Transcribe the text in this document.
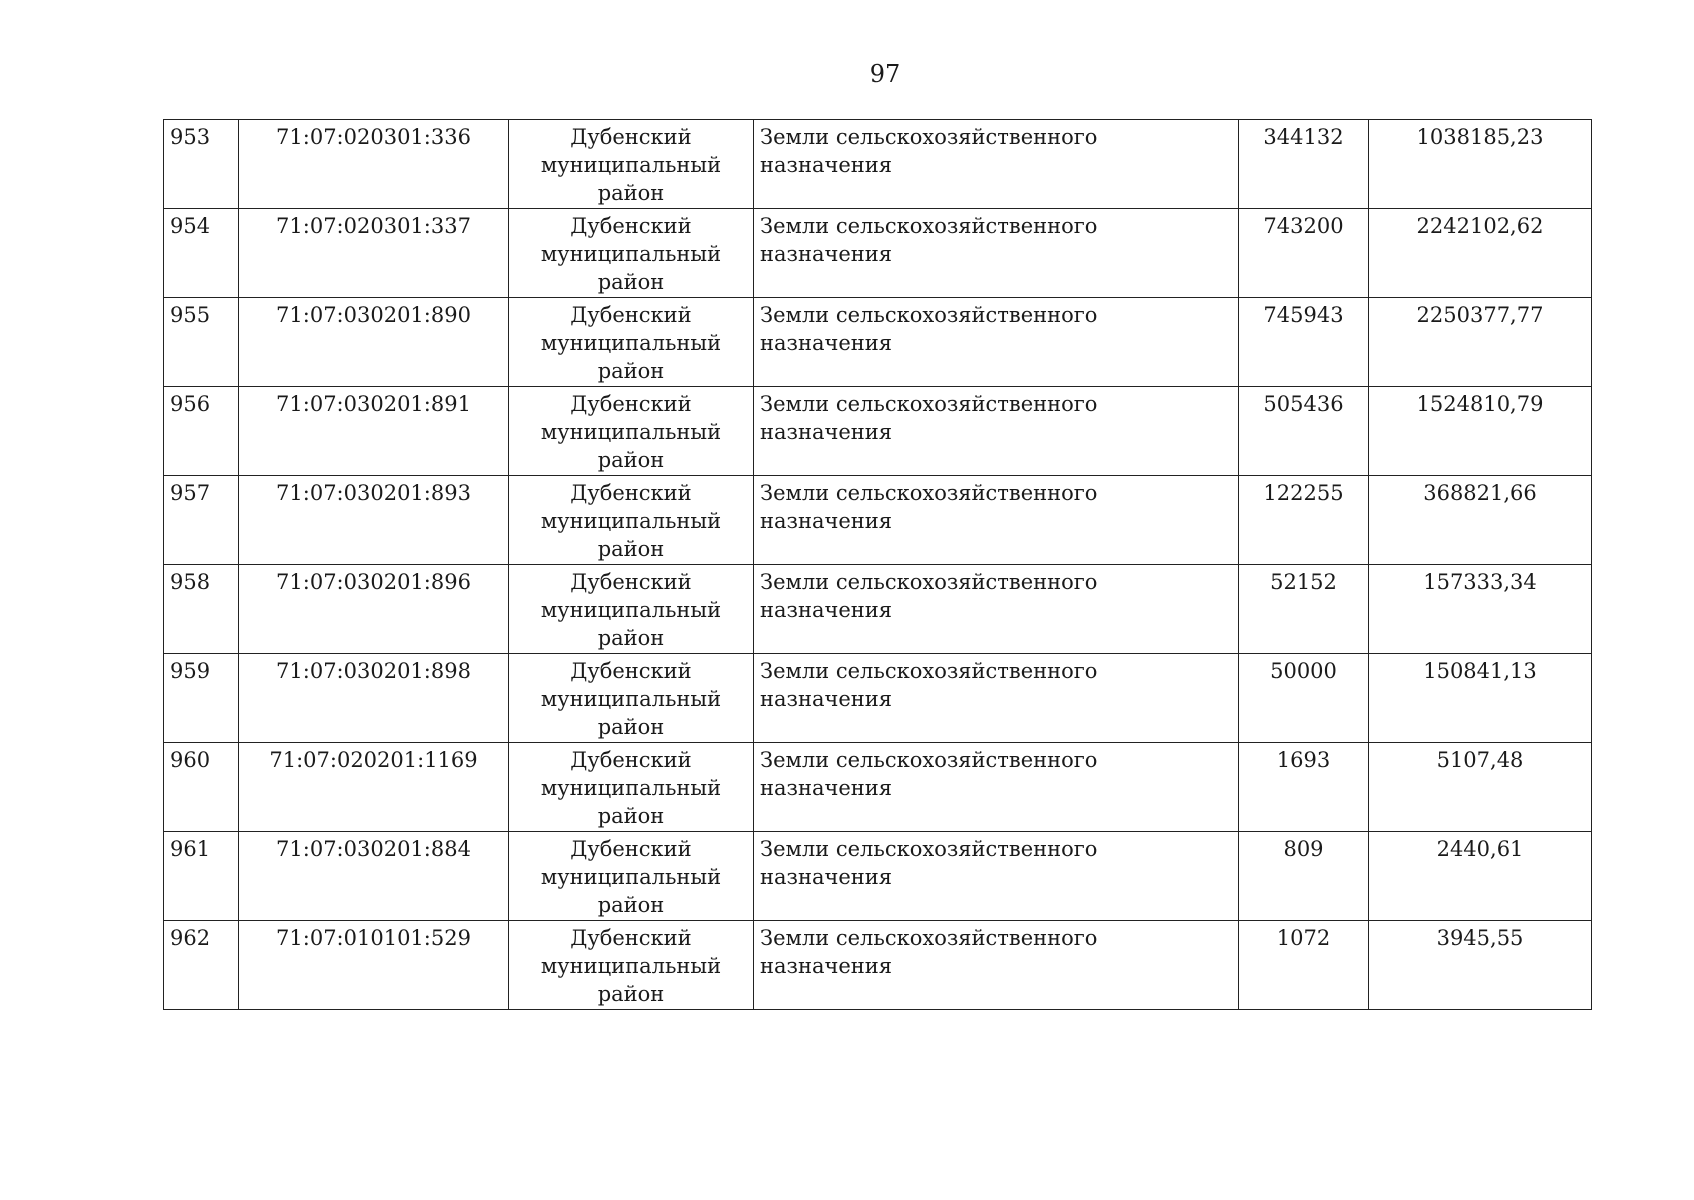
97
953	71:07:020301:336	Дубенский
муниципальный
район	Земли сельскохозяйственного назначения	344132	1038185,23
954	71:07:020301:337	Дубенский
муниципальный
район	Земли сельскохозяйственного назначения	743200	2242102,62
955	71:07:030201:890	Дубенский
муниципальный
район	Земли сельскохозяйственного назначения	745943	2250377,77
956	71:07:030201:891	Дубенский
муниципальный
район	Земли сельскохозяйственного назначения	505436	1524810,79
957	71:07:030201:893	Дубенский
муниципальный
район	Земли сельскохозяйственного назначения	122255	368821,66
958	71:07:030201:896	Дубенский
муниципальный
район	Земли сельскохозяйственного назначения	52152	157333,34
959	71:07:030201:898	Дубенский
муниципальный
район	Земли сельскохозяйственного назначения	50000	150841,13
960	71:07:020201:1169	Дубенский
муниципальный
район	Земли сельскохозяйственного назначения	1693	5107,48
961	71:07:030201:884	Дубенский
муниципальный
район	Земли сельскохозяйственного назначения	809	2440,61
962	71:07:010101:529	Дубенский
муниципальный
район	Земли сельскохозяйственного назначения	1072	3945,55
